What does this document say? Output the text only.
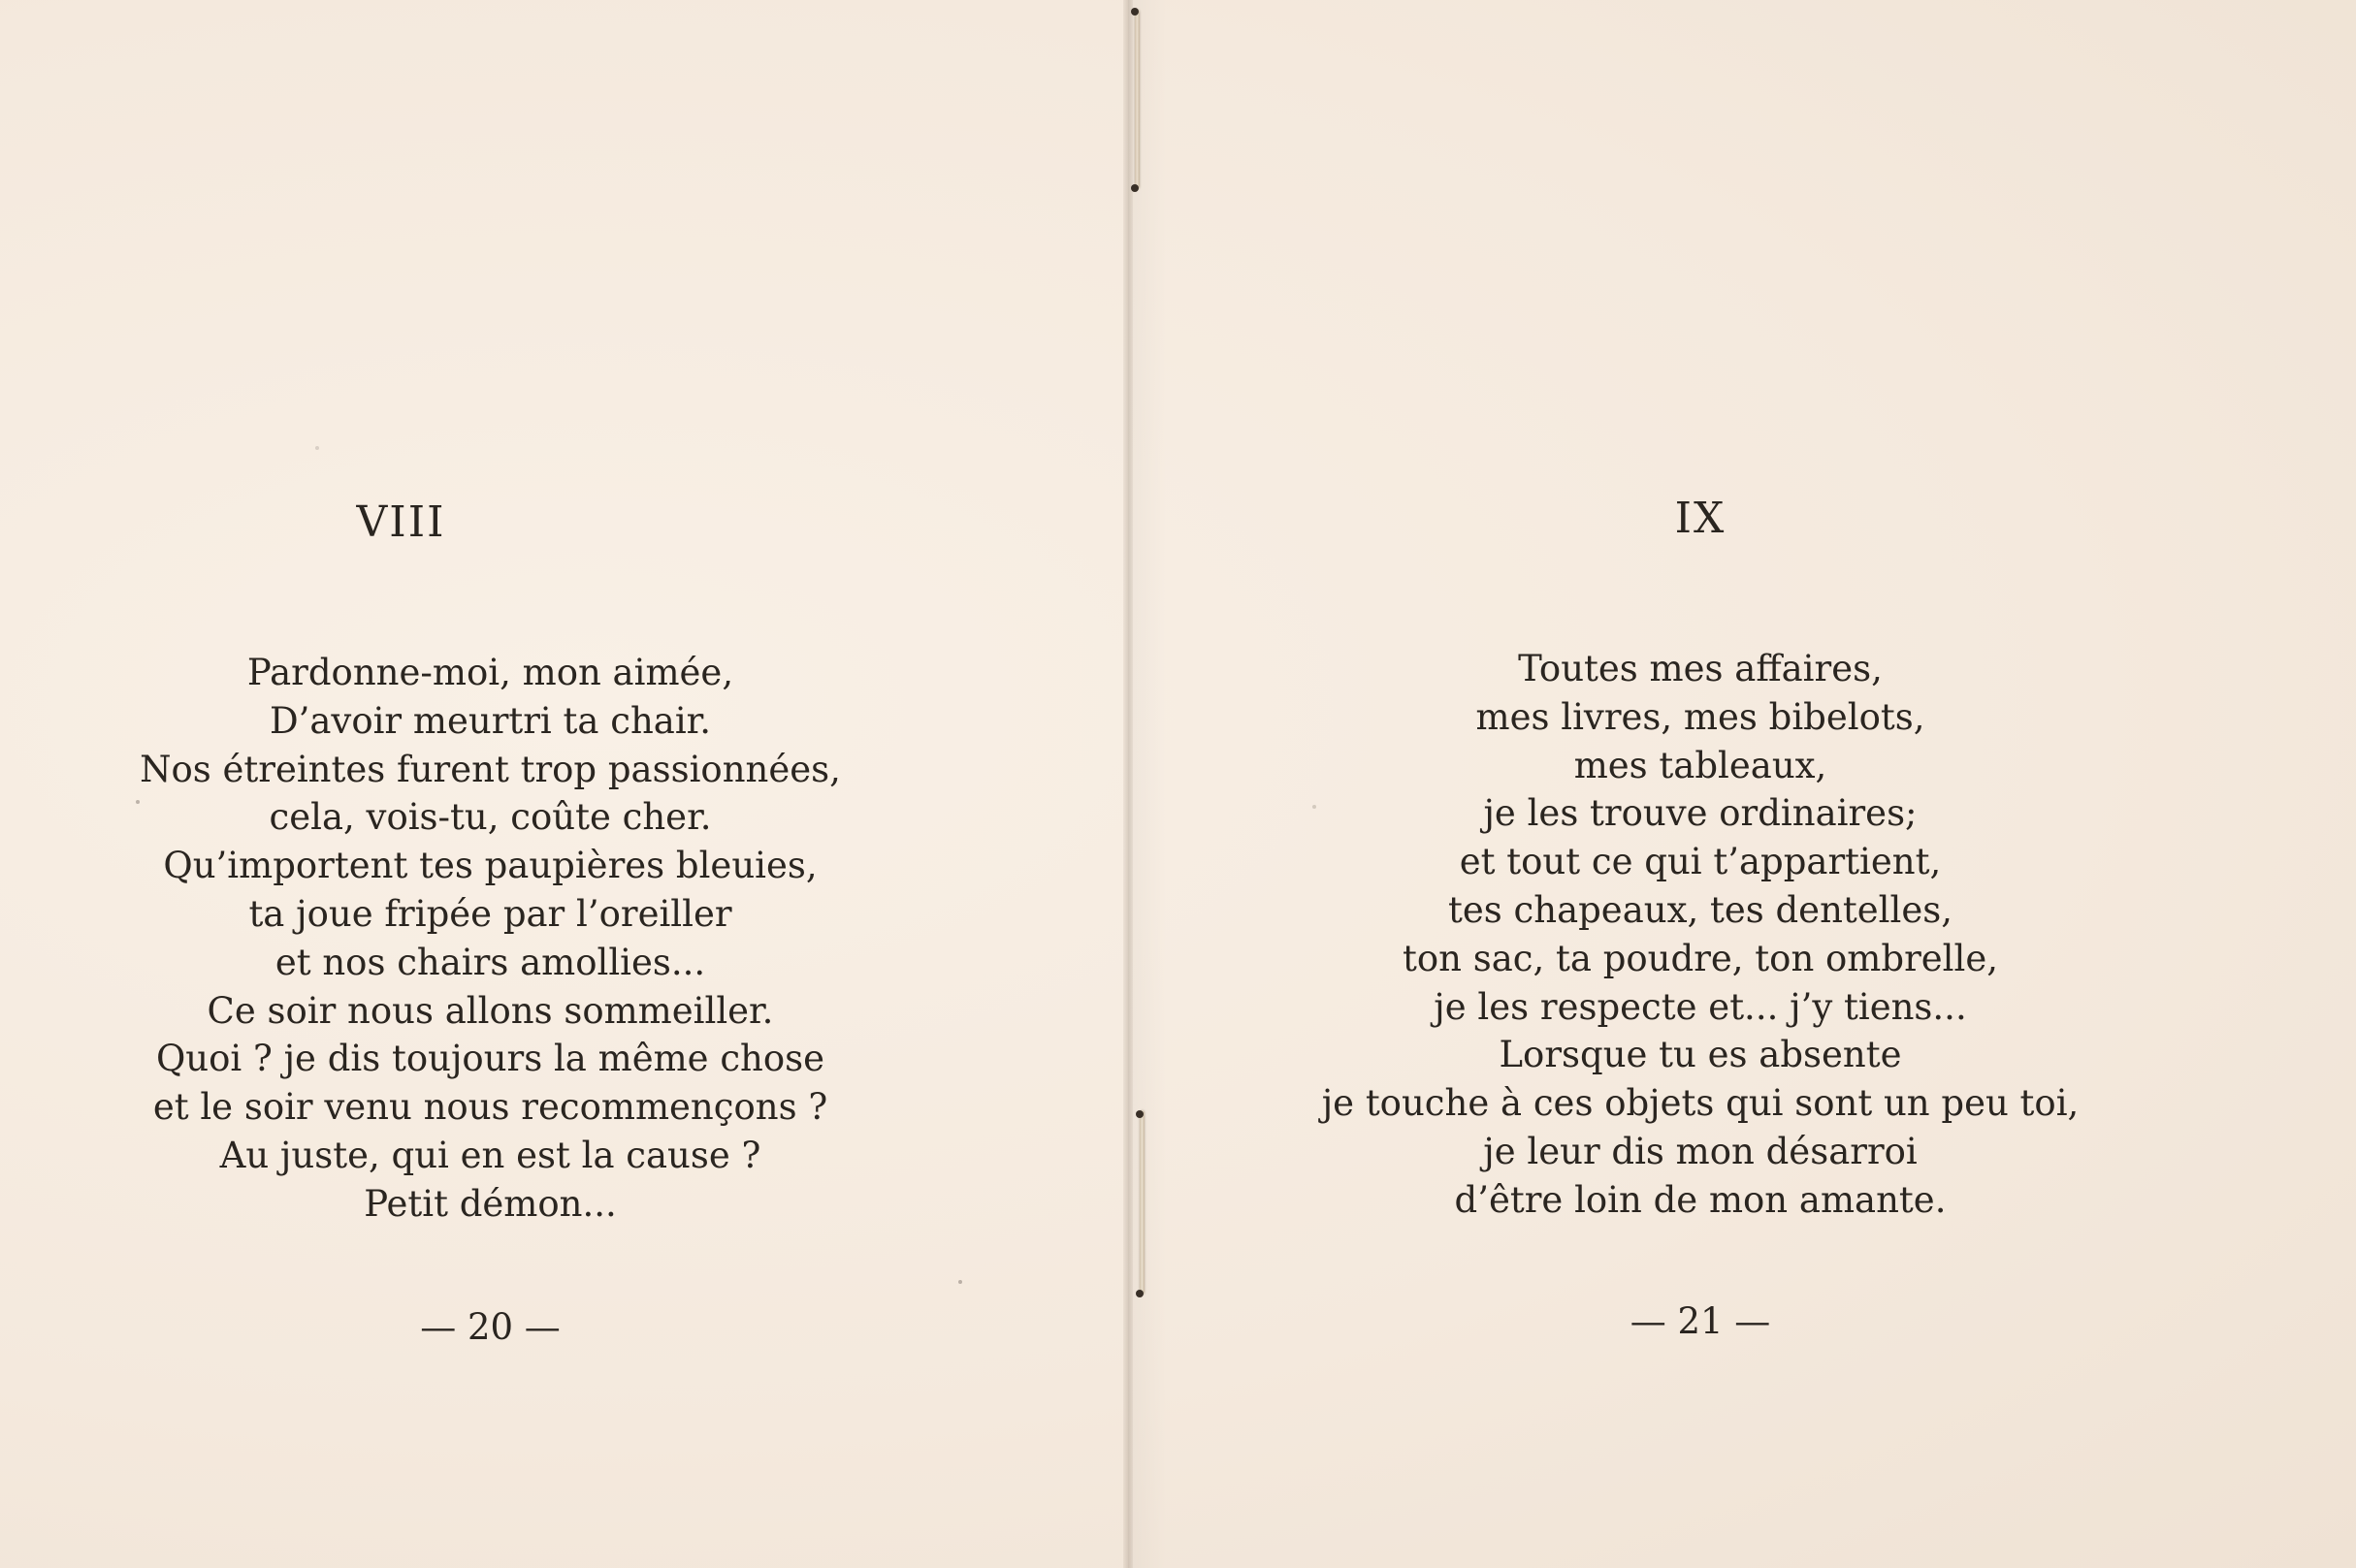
VIII
Pardonne-moi, mon aimée,
D’avoir meurtri ta chair.
Nos étreintes furent trop passionnées,
cela, vois-tu, coûte cher.
Qu’importent tes paupières bleuies,
ta joue fripée par l’oreiller
et nos chairs amollies...
Ce soir nous allons sommeiller.
Quoi ? je dis toujours la même chose
et le soir venu nous recommençons ?
Au juste, qui en est la cause ?
Petit démon...
— 20 —
IX
Toutes mes affaires,
mes livres, mes bibelots,
mes tableaux,
je les trouve ordinaires;
et tout ce qui t’appartient,
tes chapeaux, tes dentelles,
ton sac, ta poudre, ton ombrelle,
je les respecte et... j’y tiens...
Lorsque tu es absente
je touche à ces objets qui sont un peu toi,
je leur dis mon désarroi
d’être loin de mon amante.
— 21 —
